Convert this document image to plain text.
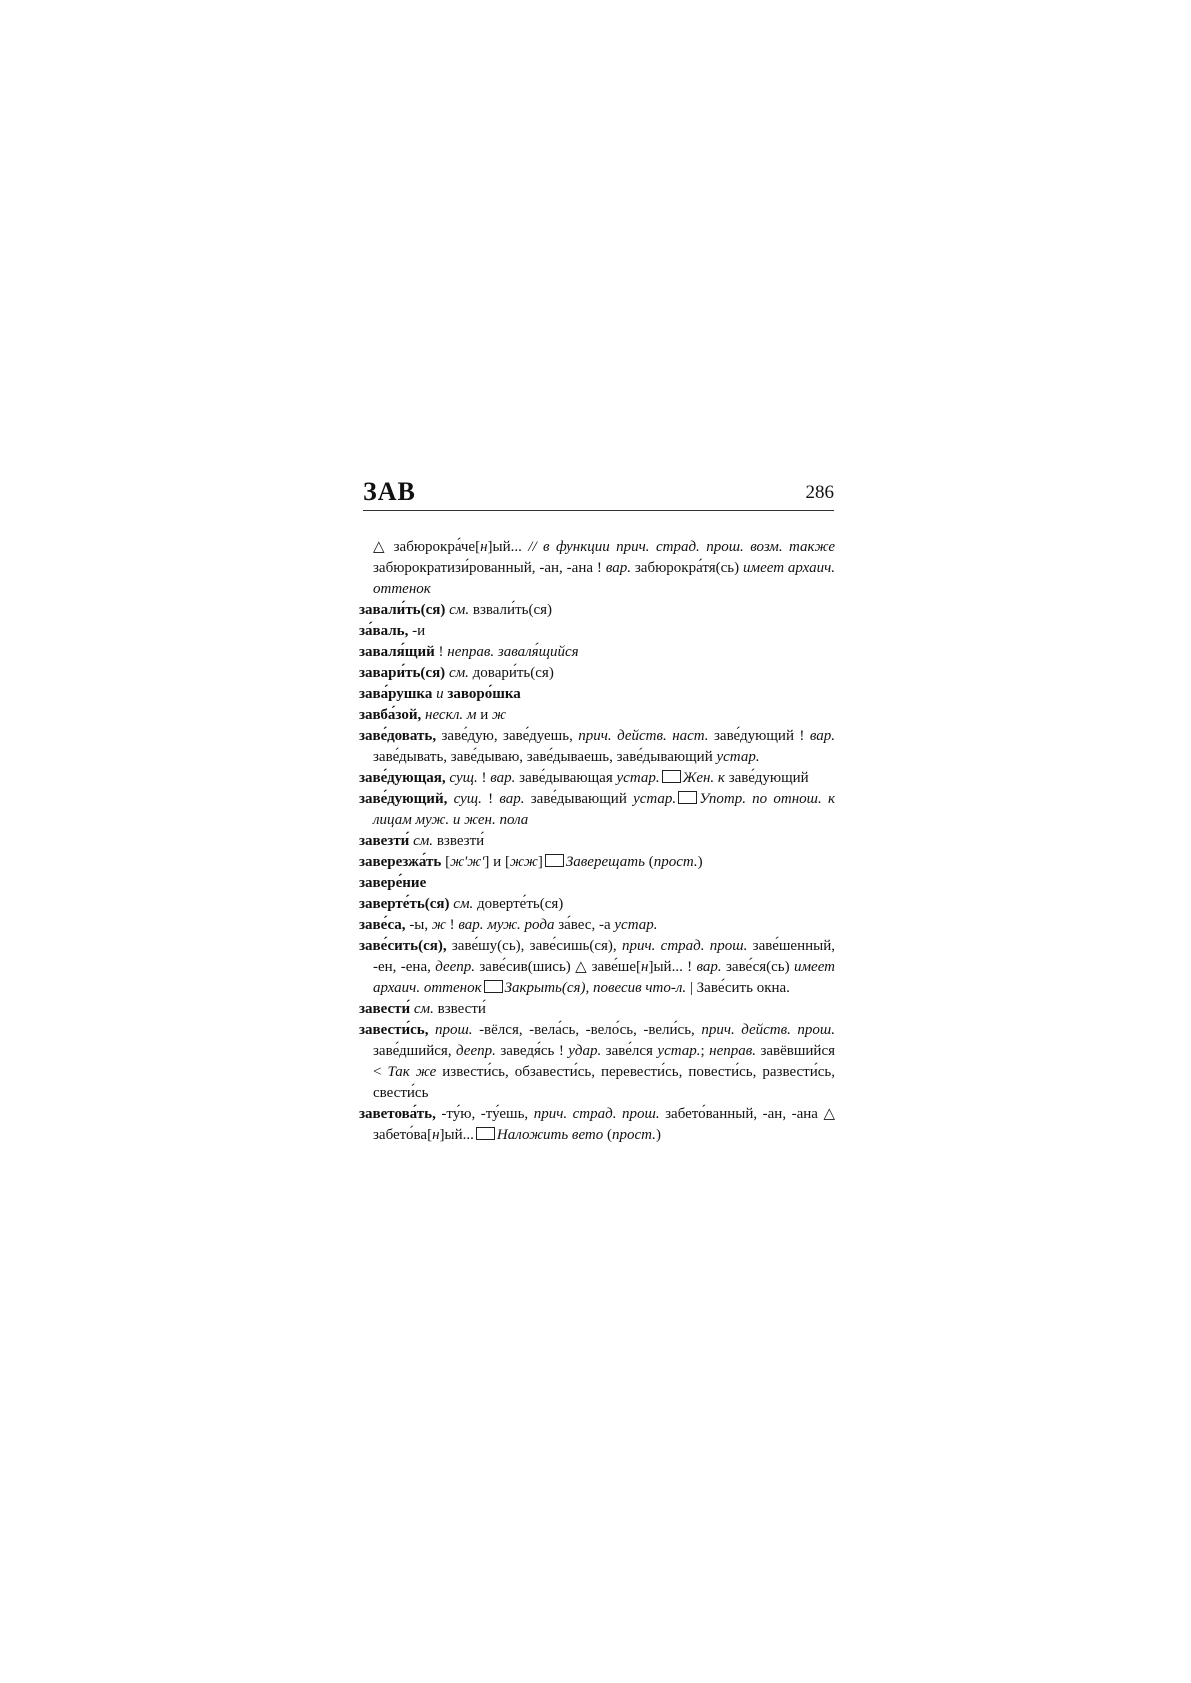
ЗАВ	286

△ забюрокра́че[н]ый... // в функции прич. страд. прош. возм. также забюрократизи́рованный, -ан, -ана ! вар. забюрокра́тя(сь) имеет архаич. оттенок

завали́ть(ся) см. взвали́ть(ся)

за́валь, -и

заваля́щий ! неправ. заваля́щийся

завари́ть(ся) см. довари́ть(ся)

зава́рушка и заворо́шка

завба́зой, нескл. м и ж

заве́довать, заве́дую, заве́дуешь, прич. действ. наст. заве́дующий ! вар. заве́дывать, заве́дываю, заве́дываешь, заве́дывающий устар.

заве́дующая, сущ. ! вар. заве́дывающая устар. Жен. к заве́дующий

заве́дующий, сущ. ! вар. заве́дывающий устар. Употр. по отнош. к лицам муж. и жен. пола

завезти́ см. взвезти́

заверезжа́ть [ж'ж'] и [жж] Заверещать (прост.)

завере́ние

заверте́ть(ся) см. доверте́ть(ся)

заве́са, -ы, ж ! вар. муж. рода за́вес, -а устар.

заве́сить(ся), заве́шу(сь), заве́сишь(ся), прич. страд. прош. заве́шенный, -ен, -ена, деепр. заве́сив(шись) △ заве́ше[н]ый... ! вар. заве́ся(сь) имеет архаич. оттенок Закрыть(ся), повесив что-л. | Заве́сить окна.

завести́ см. взвести́

завести́сь, прош. -вёлся, -вела́сь, -вело́сь, -вели́сь, прич. действ. прош. заве́дшийся, деепр. заведя́сь ! удар. заве́лся устар.; неправ. завёвшийся < Так же извести́сь, обзавести́сь, перевести́сь, повести́сь, развести́сь, свести́сь

заветова́ть, -ту́ю, -ту́ешь, прич. страд. прош. забето́ванный, -ан, -ана △ забето́ва[н]ый... Наложить вето (прост.)
